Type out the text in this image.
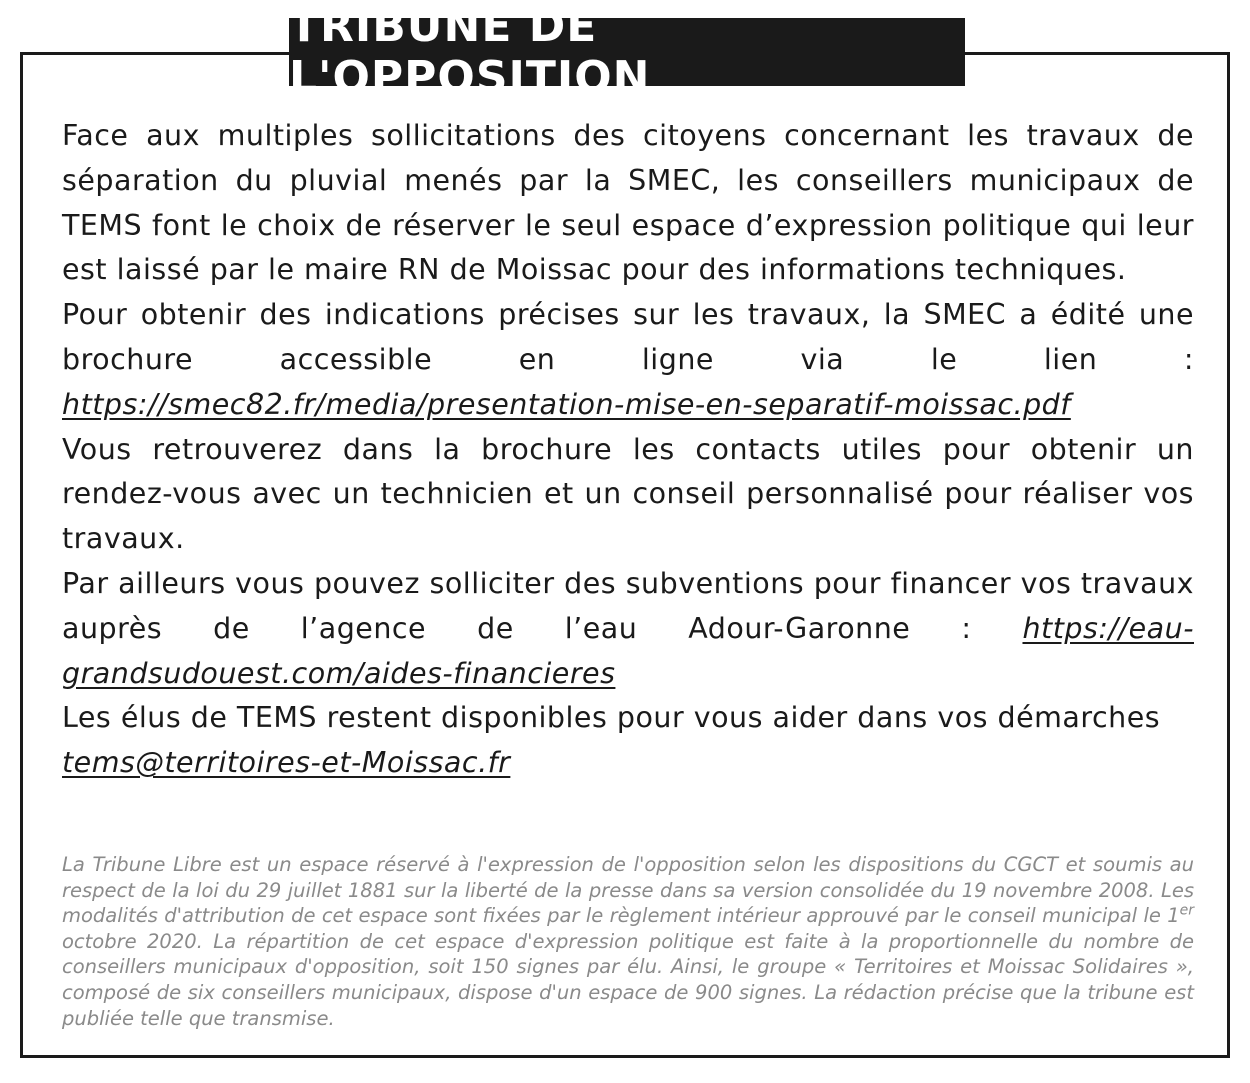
TRIBUNE DE L'OPPOSITION

Face aux multiples sollicitations des citoyens concernant les travaux de séparation du pluvial menés par la SMEC, les conseillers municipaux de TEMS font le choix de réserver le seul espace d’expression politique qui leur est laissé par le maire RN de Moissac pour des informations techniques.

Pour obtenir des indications précises sur les travaux, la SMEC a édité une brochure accessible en ligne via le lien : https://smec82.fr/media/presentation-mise-en-separatif-moissac.pdf

Vous retrouverez dans la brochure les contacts utiles pour obtenir un rendez-vous avec un technicien et un conseil personnalisé pour réaliser vos travaux.

Par ailleurs vous pouvez solliciter des subventions pour financer vos travaux auprès de l’agence de l’eau Adour-Garonne : https://eau-grandsudouest.com/aides-financieres

Les élus de TEMS restent disponibles pour vous aider dans vos démarches tems@territoires-et-Moissac.fr

La Tribune Libre est un espace réservé à l'expression de l'opposition selon les dispositions du CGCT et soumis au respect de la loi du 29 juillet 1881 sur la liberté de la presse dans sa version consolidée du 19 novembre 2008. Les modalités d'attribution de cet espace sont fixées par le règlement intérieur approuvé par le conseil municipal le 1er octobre 2020. La répartition de cet espace d'expression politique est faite à la proportionnelle du nombre de conseillers municipaux d'opposition, soit 150 signes par élu. Ainsi, le groupe « Territoires et Moissac Solidaires », composé de six conseillers municipaux, dispose d'un espace de 900 signes. La rédaction précise que la tribune est publiée telle que transmise.
